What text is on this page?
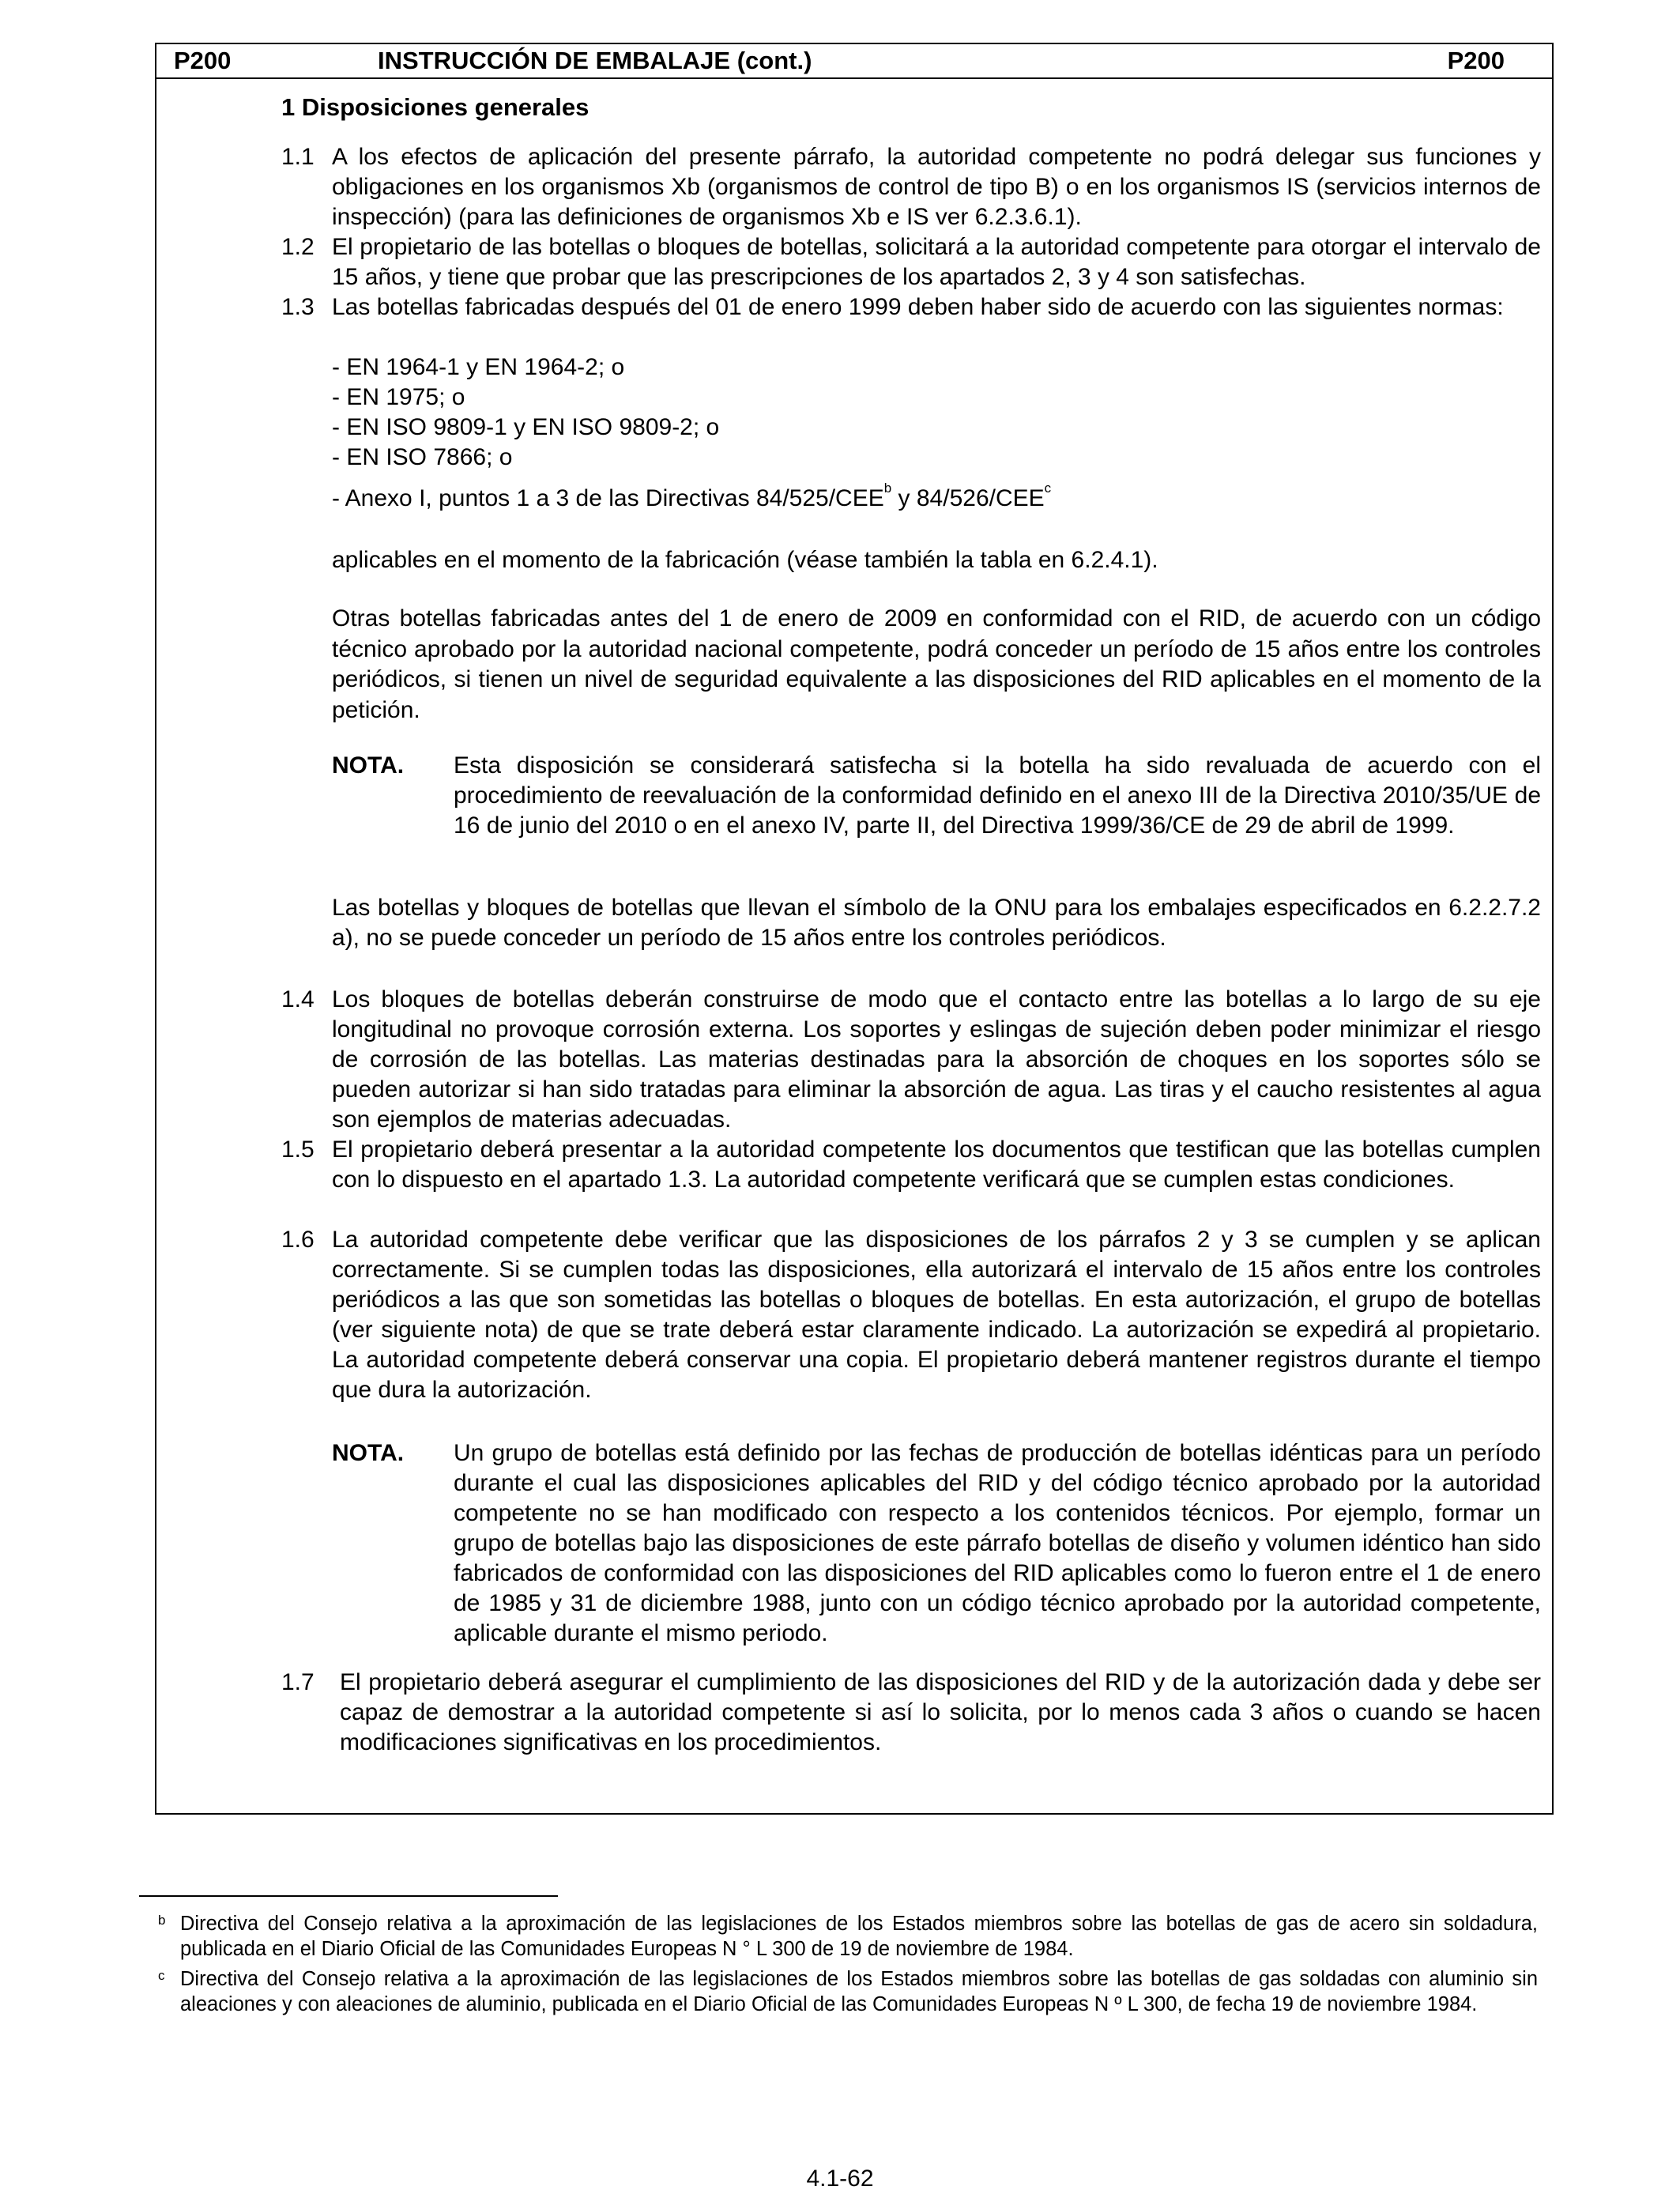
P200	INSTRUCCIÓN DE EMBALAJE (cont.)	P200
1 Disposiciones generales
1.1 A los efectos de aplicación del presente párrafo, la autoridad competente no podrá delegar sus funciones y obligaciones en los organismos Xb (organismos de control de tipo B) o en los organismos IS (servicios internos de inspección) (para las definiciones de organismos Xb e IS ver 6.2.3.6.1).
1.2 El propietario de las botellas o bloques de botellas, solicitará a la autoridad competente para otorgar el intervalo de 15 años, y tiene que probar que las prescripciones de los apartados 2, 3 y 4 son satisfechas.
1.3 Las botellas fabricadas después del 01 de enero 1999 deben haber sido de acuerdo con las siguientes normas:
- EN 1964-1 y EN 1964-2; o
- EN 1975; o
- EN ISO 9809-1 y EN ISO 9809-2; o
- EN ISO 7866; o
- Anexo I, puntos 1 a 3 de las Directivas 84/525/CEE$^b$ y 84/526/CEE$^c$
aplicables en el momento de la fabricación (véase también la tabla en 6.2.4.1).
Otras botellas fabricadas antes del 1 de enero de 2009 en conformidad con el RID, de acuerdo con un código técnico aprobado por la autoridad nacional competente, podrá conceder un período de 15 años entre los controles periódicos, si tienen un nivel de seguridad equivalente a las disposiciones del RID aplicables en el momento de la petición.
NOTA. Esta disposición se considerará satisfecha si la botella ha sido revaluada de acuerdo con el procedimiento de reevaluación de la conformidad definido en el anexo III de la Directiva 2010/35/UE de 16 de junio del 2010 o en el anexo IV, parte II, del Directiva 1999/36/CE de 29 de abril de 1999.
Las botellas y bloques de botellas que llevan el símbolo de la ONU para los embalajes especificados en 6.2.2.7.2 a), no se puede conceder un período de 15 años entre los controles periódicos.
1.4 Los bloques de botellas deberán construirse de modo que el contacto entre las botellas a lo largo de su eje longitudinal no provoque corrosión externa. Los soportes y eslingas de sujeción deben poder minimizar el riesgo de corrosión de las botellas. Las materias destinadas para la absorción de choques en los soportes sólo se pueden autorizar si han sido tratadas para eliminar la absorción de agua. Las tiras y el caucho resistentes al agua son ejemplos de materias adecuadas.
1.5 El propietario deberá presentar a la autoridad competente los documentos que testifican que las botellas cumplen con lo dispuesto en el apartado 1.3. La autoridad competente verificará que se cumplen estas condiciones.
1.6 La autoridad competente debe verificar que las disposiciones de los párrafos 2 y 3 se cumplen y se aplican correctamente. Si se cumplen todas las disposiciones, ella autorizará el intervalo de 15 años entre los controles periódicos a las que son sometidas las botellas o bloques de botellas. En esta autorización, el grupo de botellas (ver siguiente nota) de que se trate deberá estar claramente indicado. La autorización se expedirá al propietario. La autoridad competente deberá conservar una copia. El propietario deberá mantener registros durante el tiempo que dura la autorización.
NOTA. Un grupo de botellas está definido por las fechas de producción de botellas idénticas para un período durante el cual las disposiciones aplicables del RID y del código técnico aprobado por la autoridad competente no se han modificado con respecto a los contenidos técnicos. Por ejemplo, formar un grupo de botellas bajo las disposiciones de este párrafo botellas de diseño y volumen idéntico han sido fabricados de conformidad con las disposiciones del RID aplicables como lo fueron entre el 1 de enero de 1985 y 31 de diciembre 1988, junto con un código técnico aprobado por la autoridad competente, aplicable durante el mismo periodo.
1.7	El propietario deberá asegurar el cumplimiento de las disposiciones del RID y de la autorización dada y debe ser capaz de demostrar a la autoridad competente si así lo solicita, por lo menos cada 3 años o cuando se hacen modificaciones significativas en los procedimientos.
b Directiva del Consejo relativa a la aproximación de las legislaciones de los Estados miembros sobre las botellas de gas de acero sin soldadura, publicada en el Diario Oficial de las Comunidades Europeas N ° L 300 de 19 de noviembre de 1984.
c Directiva del Consejo relativa a la aproximación de las legislaciones de los Estados miembros sobre las botellas de gas soldadas con aluminio sin aleaciones y con aleaciones de aluminio, publicada en el Diario Oficial de las Comunidades Europeas N º L 300, de fecha 19 de noviembre 1984.
4.1-62
